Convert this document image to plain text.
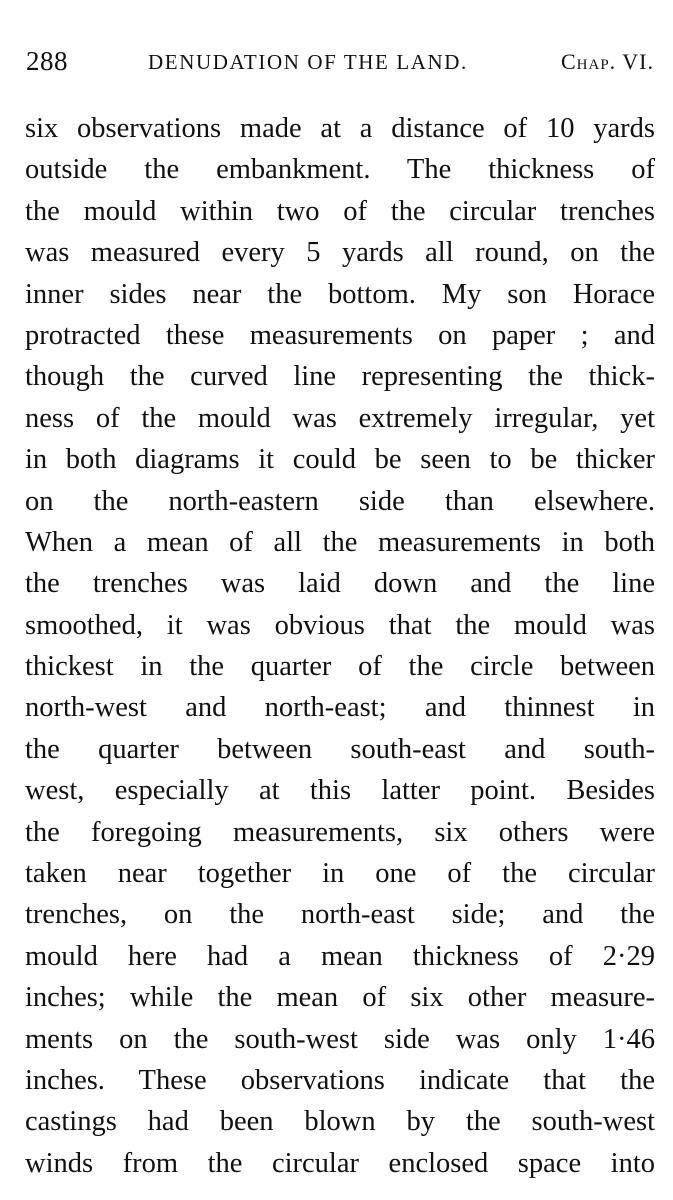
288	DENUDATION OF THE LAND.	Chap. VI.
six observations made at a distance of 10 yards
outside the embankment. The thickness of
the mould within two of the circular trenches
was measured every 5 yards all round, on the
inner sides near the bottom. My son Horace
protracted these measurements on paper ; and
though the curved line representing the thick-
ness of the mould was extremely irregular, yet
in both diagrams it could be seen to be thicker
on the north-eastern side than elsewhere.
When a mean of all the measurements in both
the trenches was laid down and the line
smoothed, it was obvious that the mould was
thickest in the quarter of the circle between
north-west and north-east; and thinnest in
the quarter between south-east and south-
west, especially at this latter point. Besides
the foregoing measurements, six others were
taken near together in one of the circular
trenches, on the north-east side; and the
mould here had a mean thickness of 2·29
inches; while the mean of six other measure-
ments on the south-west side was only 1·46
inches. These observations indicate that the
castings had been blown by the south-west
winds from the circular enclosed space into
